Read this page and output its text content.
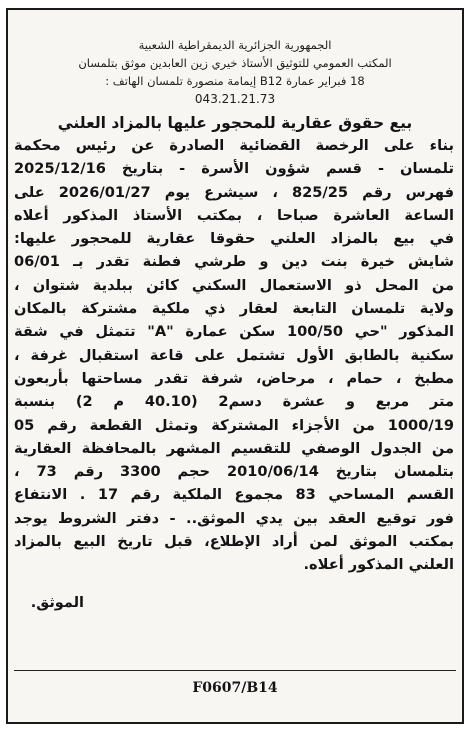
الجمهورية الجزائرية الديمقراطية الشعبية
المكتب العمومي للتوثيق الأستاذ خيري زين العابدين موثق بتلمسان
18 فبراير عمارة B12 إيمامة منصورة تلمسان الهاتف :
043.21.21.73
بيع حقوق عقارية للمحجور عليها بالمزاد العلني
بناء على الرخصة القضائية الصادرة عن رئيس محكمة
تلمسان - قسم شؤون الأسرة - بتاريخ 2025/12/16
فهرس رقم 825/25 ، سيشرع يوم 2026/01/27 على
الساعة العاشرة صباحا ، بمكتب الأستاذ المذكور أعلاه
في بيع بالمزاد العلني حقوقا عقارية للمحجور عليها:
شايش خيرة بنت دين و طرشي فطنة تقدر بـ 06/01
من المحل ذو الاستعمال السكني كائن ببلدية شتوان ،
ولاية تلمسان التابعة لعقار ذي ملكية مشتركة بالمكان
المذكور "حي 100/50 سكن عمارة "A" تتمثل في شقة
سكنية بالطابق الأول تشتمل على قاعة استقبال غرفة ،
مطبخ ، حمام ، مرحاض، شرفة تقدر مساحتها بأربعون
متر مربع و عشرة دسم2 (40.10 م 2) بنسبة
1000/19 من الأجزاء المشتركة وتمثل القطعة رقم 05
من الجدول الوصفي للتقسيم المشهر بالمحافظة العقارية
بتلمسان بتاريخ 2010/06/14 حجم 3300 رقم 73 ،
القسم المساحي 83 مجموع الملكية رقم 17 . الانتفاع
فور توقيع العقد بين يدي الموثق.. - دفتر الشروط يوجد
بمكتب الموثق لمن أراد الإطلاع، قبل تاريخ البيع بالمزاد
العلني المذكور أعلاه.
الموثق.
F0607/B14
